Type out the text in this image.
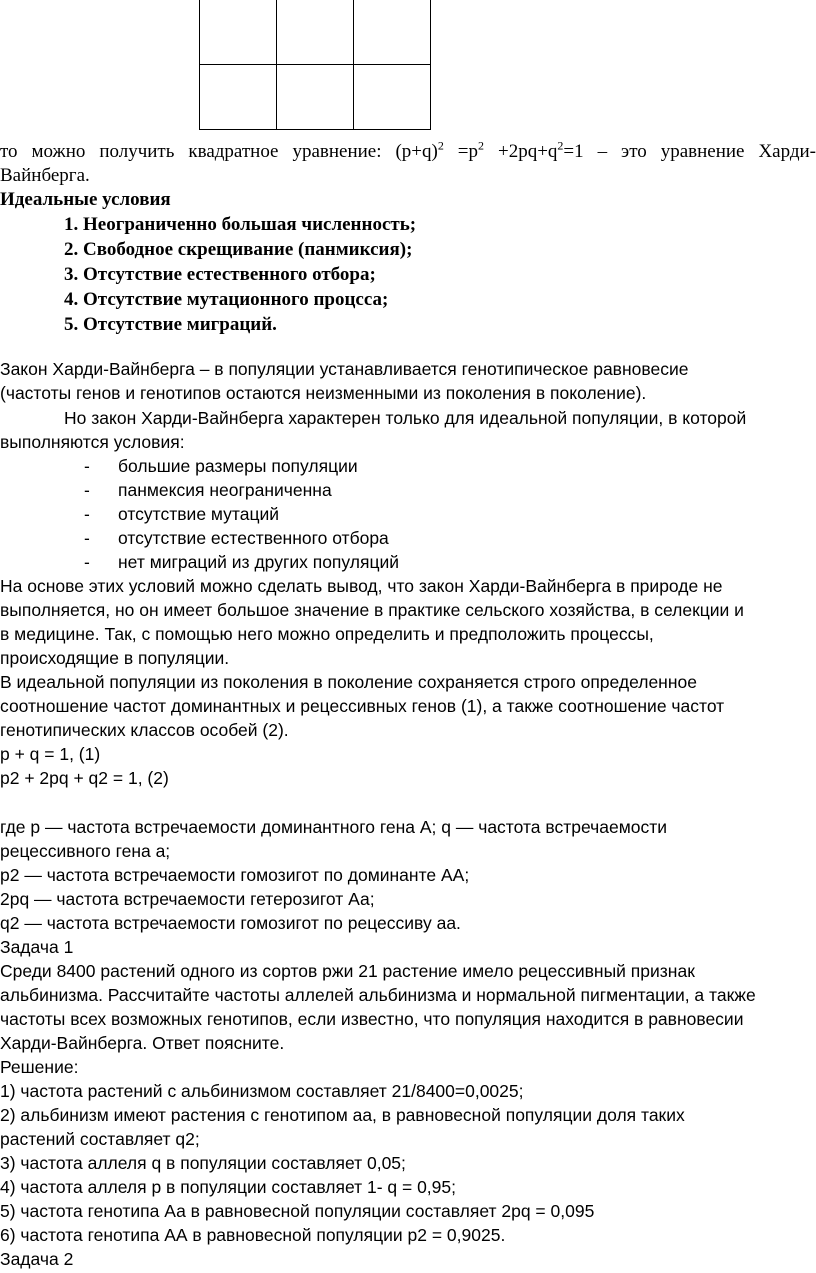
то можно получить квадратное уравнение: $(p+q)^2 =p^2 +2pq+q^2=1$ – это уравнение Харди-
Вайнберга.
Идеальные условия
1. Неограниченно большая численность;
2. Свободное скрещивание (панмиксия);
3. Отсутствие естественного отбора;
4. Отсутствие мутационного процсса;
5. Отсутствие миграций.
Закон Харди-Вайнберга – в популяции устанавливается генотипическое равновесие
(частоты генов и генотипов остаются неизменными из поколения в поколение).
Но закон Харди-Вайнберга характерен только для идеальной популяции, в которой
выполняются условия:
- большие размеры популяции
- панмексия неограниченна
- отсутствие мутаций
- отсутствие естественного отбора
- нет миграций из других популяций
На основе этих условий можно сделать вывод, что закон Харди-Вайнберга в природе не
выполняется, но он имеет большое значение в практике сельского хозяйства, в селекции и
в медицине. Так, с помощью него можно определить и предположить процессы,
происходящие в популяции.
В идеальной популяции из поколения в поколение сохраняется строго определенное
соотношение частот доминантных и рецессивных генов (1), а также соотношение частот
генотипических классов особей (2).
p + q = 1, (1)
p2 + 2pq + q2 = 1, (2)
где p — частота встречаемости доминантного гена А; q — частота встречаемости
рецессивного гена а;
p2 — частота встречаемости гомозигот по доминанте АА;
2pq — частота встречаемости гетерозигот Аа;
q2 — частота встречаемости гомозигот по рецессиву аа.
Задача 1
Среди 8400 растений одного из сортов ржи 21 растение имело рецессивный признак
альбинизма. Рассчитайте частоты аллелей альбинизма и нормальной пигментации, а также
частоты всех возможных генотипов, если известно, что популяция находится в равновесии
Харди-Вайнберга. Ответ поясните.
Решение:
1) частота растений с альбинизмом составляет 21/8400=0,0025;
2) альбинизм имеют растения с генотипом аа, в равновесной популяции доля таких
растений составляет q2;
3) частота аллеля q в популяции составляет 0,05;
4) частота аллеля p в популяции составляет 1- q = 0,95;
5) частота генотипа Аа в равновесной популяции составляет 2pq = 0,095
6) частота генотипа АА в равновесной популяции p2 = 0,9025.
Задача 2
